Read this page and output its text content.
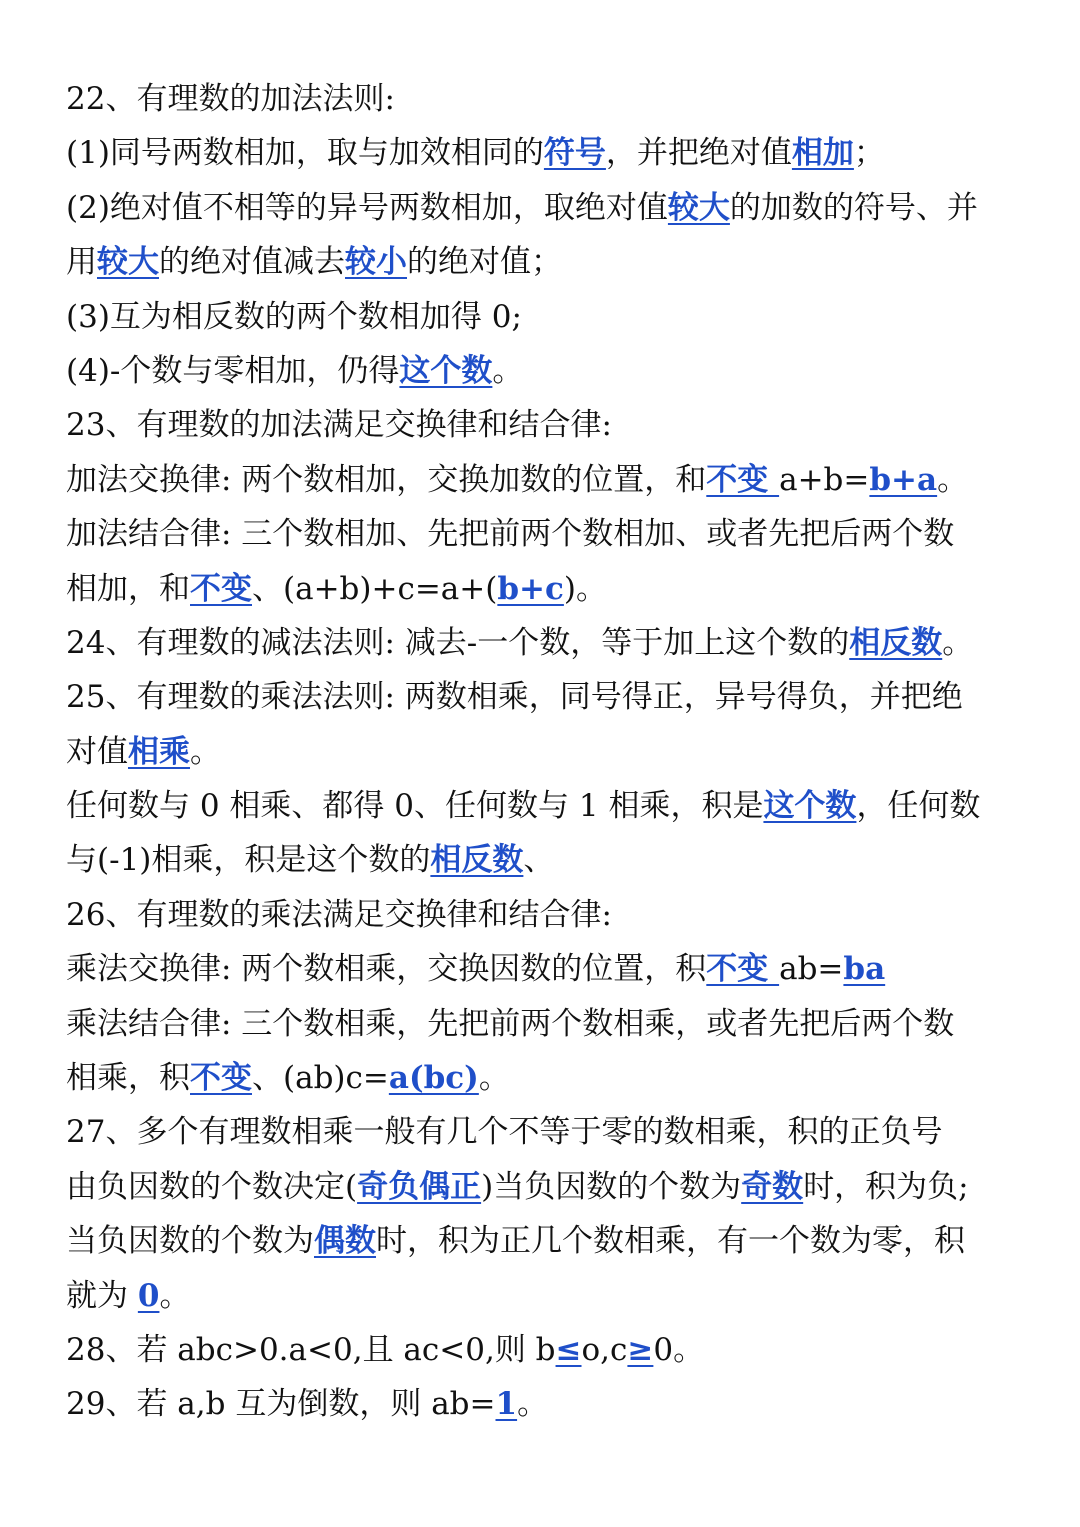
22、有理数的加法法则:
(1)同号两数相加，取与加效相同的符号，并把绝对值相加；
(2)绝对值不相等的异号两数相加，取绝对值较大的加数的符号、并
用较大的绝对值减去较小的绝对值；
(3)互为相反数的两个数相加得 0;
(4)-个数与零相加，仍得这个数。
23、有理数的加法满足交换律和结合律:
加法交换律: 两个数相加，交换加数的位置，和不变 a+b=b+a。
加法结合律: 三个数相加、先把前两个数相加、或者先把后两个数
相加，和不变、(a+b)+c=a+(b+c)。
24、有理数的减法法则: 减去-一个数，等于加上这个数的相反数。
25、有理数的乘法法则: 两数相乘，同号得正，异号得负，并把绝
对值相乘。
任何数与 0 相乘、都得 0、任何数与 1 相乘，积是这个数，任何数
与(-1)相乘，积是这个数的相反数、
26、有理数的乘法满足交换律和结合律:
乘法交换律: 两个数相乘，交换因数的位置，积不变 ab=ba
乘法结合律: 三个数相乘，先把前两个数相乘，或者先把后两个数
相乘，积不变、(ab)c=a(bc)。
27、多个有理数相乘一般有几个不等于零的数相乘，积的正负号
由负因数的个数决定(奇负偶正)当负因数的个数为奇数时，积为负;
当负因数的个数为偶数时，积为正几个数相乘，有一个数为零，积
就为 0。
28、若 abc>0.a<0,且 ac<0,则 b≤o,c≥0。
29、若 a,b 互为倒数，则 ab=1。
